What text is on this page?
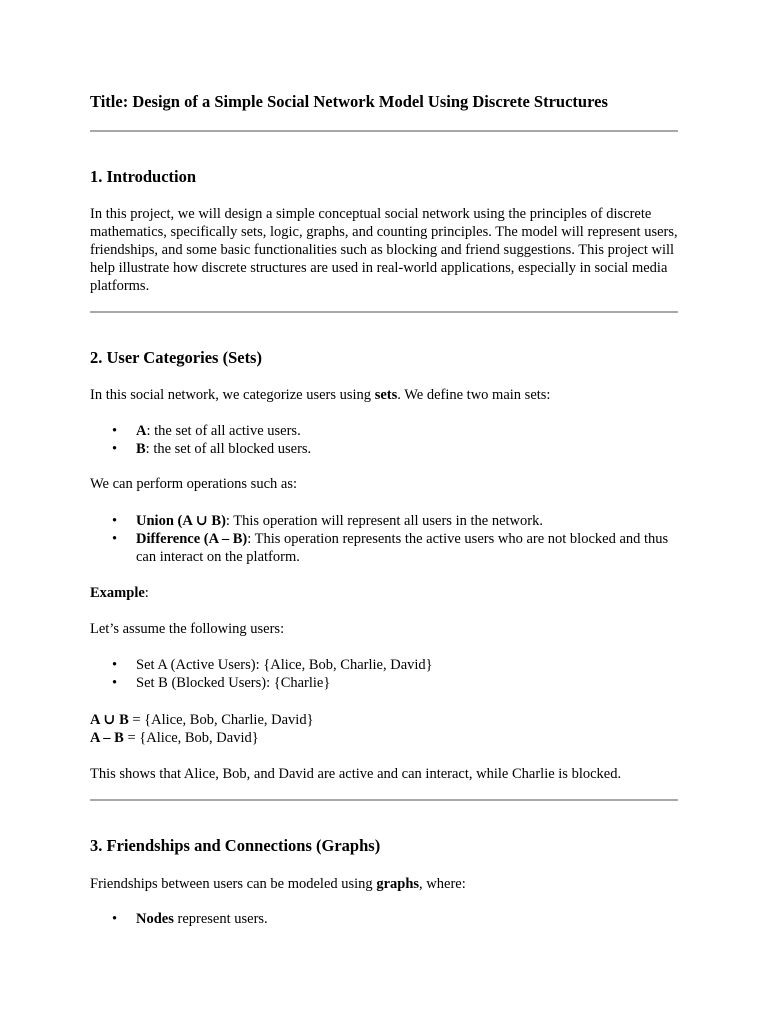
Title: Design of a Simple Social Network Model Using Discrete Structures
1. Introduction
In this project, we will design a simple conceptual social network using the principles of discrete mathematics, specifically sets, logic, graphs, and counting principles. The model will represent users, friendships, and some basic functionalities such as blocking and friend suggestions. This project will help illustrate how discrete structures are used in real-world applications, especially in social media platforms.
2. User Categories (Sets)
In this social network, we categorize users using sets. We define two main sets:
• A: the set of all active users.
• B: the set of all blocked users.
We can perform operations such as:
• Union (A ∪ B): This operation will represent all users in the network.
• Difference (A – B): This operation represents the active users who are not blocked and thus can interact on the platform.
Example:
Let’s assume the following users:
• Set A (Active Users): {Alice, Bob, Charlie, David}
• Set B (Blocked Users): {Charlie}
A ∪ B = {Alice, Bob, Charlie, David}
A – B = {Alice, Bob, David}
This shows that Alice, Bob, and David are active and can interact, while Charlie is blocked.
3. Friendships and Connections (Graphs)
Friendships between users can be modeled using graphs, where:
• Nodes represent users.
